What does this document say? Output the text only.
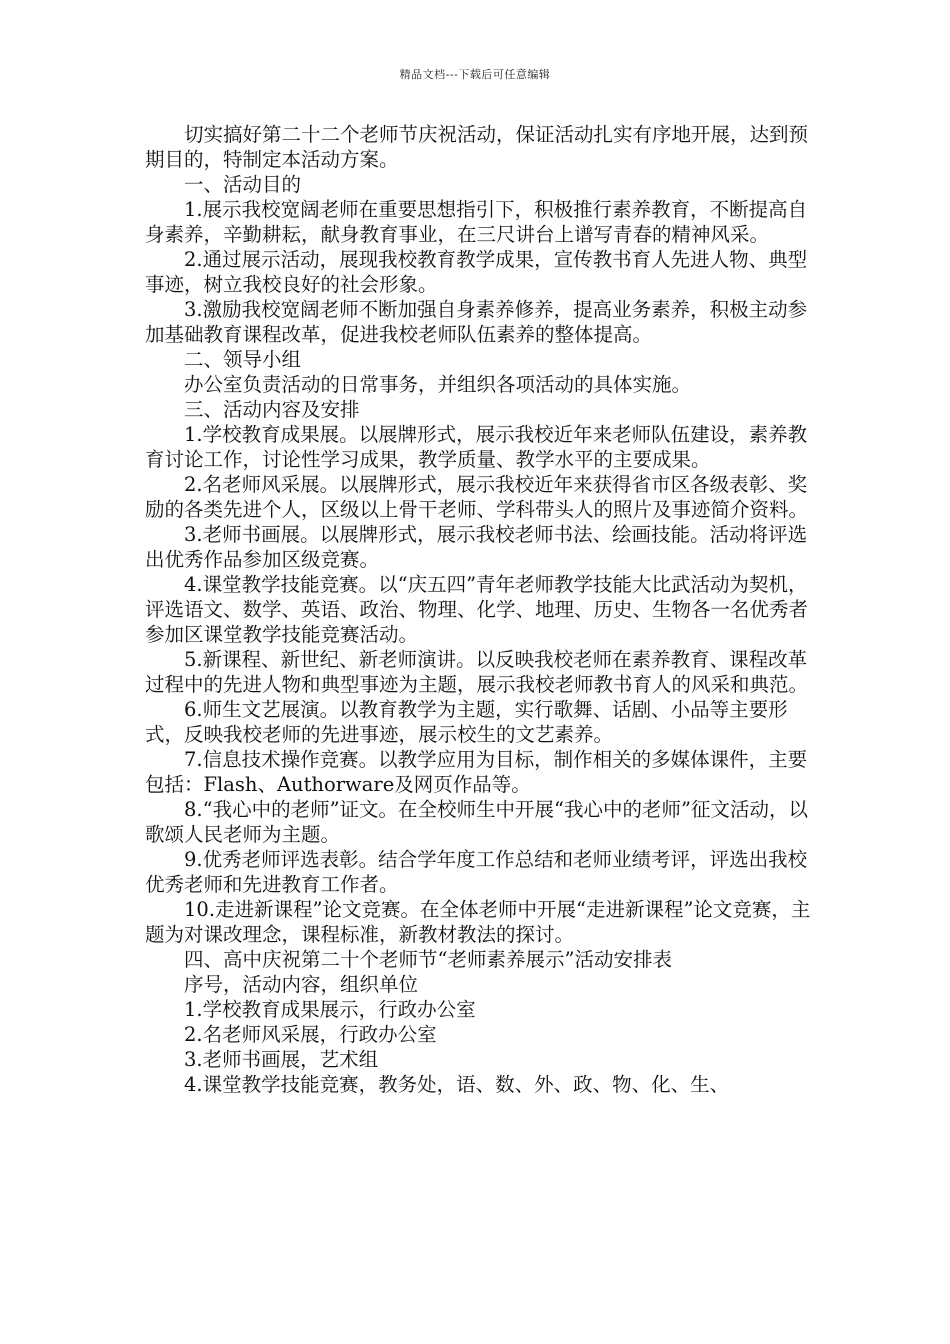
精品文档---下载后可任意编辑

切实搞好第二十二个老师节庆祝活动，保证活动扎实有序地开展，达到预期目的，特制定本活动方案。

一、活动目的

1.展示我校宽阔老师在重要思想指引下，积极推行素养教育，不断提高自身素养，辛勤耕耘，献身教育事业，在三尺讲台上谱写青春的精神风采。

2.通过展示活动，展现我校教育教学成果，宣传教书育人先进人物、典型事迹，树立我校良好的社会形象。

3.激励我校宽阔老师不断加强自身素养修养，提高业务素养，积极主动参加基础教育课程改革，促进我校老师队伍素养的整体提高。

二、领导小组

办公室负责活动的日常事务，并组织各项活动的具体实施。

三、活动内容及安排

1.学校教育成果展。以展牌形式，展示我校近年来老师队伍建设，素养教育讨论工作，讨论性学习成果，教学质量、教学水平的主要成果。

2.名老师风采展。以展牌形式，展示我校近年来获得省市区各级表彰、奖励的各类先进个人，区级以上骨干老师、学科带头人的照片及事迹简介资料。

3.老师书画展。以展牌形式，展示我校老师书法、绘画技能。活动将评选出优秀作品参加区级竞赛。

4.课堂教学技能竞赛。以“庆五四”青年老师教学技能大比武活动为契机，评选语文、数学、英语、政治、物理、化学、地理、历史、生物各一名优秀者参加区课堂教学技能竞赛活动。

5.新课程、新世纪、新老师演讲。以反映我校老师在素养教育、课程改革过程中的先进人物和典型事迹为主题，展示我校老师教书育人的风采和典范。

6.师生文艺展演。以教育教学为主题，实行歌舞、话剧、小品等主要形式，反映我校老师的先进事迹，展示校生的文艺素养。

7.信息技术操作竞赛。以教学应用为目标，制作相关的多媒体课件，主要包括：Flash、Authorware及网页作品等。

8.“我心中的老师”证文。在全校师生中开展“我心中的老师”征文活动，以歌颂人民老师为主题。

9.优秀老师评选表彰。结合学年度工作总结和老师业绩考评，评选出我校优秀老师和先进教育工作者。

10.走进新课程”论文竞赛。在全体老师中开展“走进新课程”论文竞赛，主题为对课改理念，课程标准，新教材教法的探讨。

四、高中庆祝第二十个老师节“老师素养展示”活动安排表

序号，活动内容，组织单位

1.学校教育成果展示，行政办公室

2.名老师风采展，行政办公室

3.老师书画展，艺术组

4.课堂教学技能竞赛，教务处，语、数、外、政、物、化、生、
